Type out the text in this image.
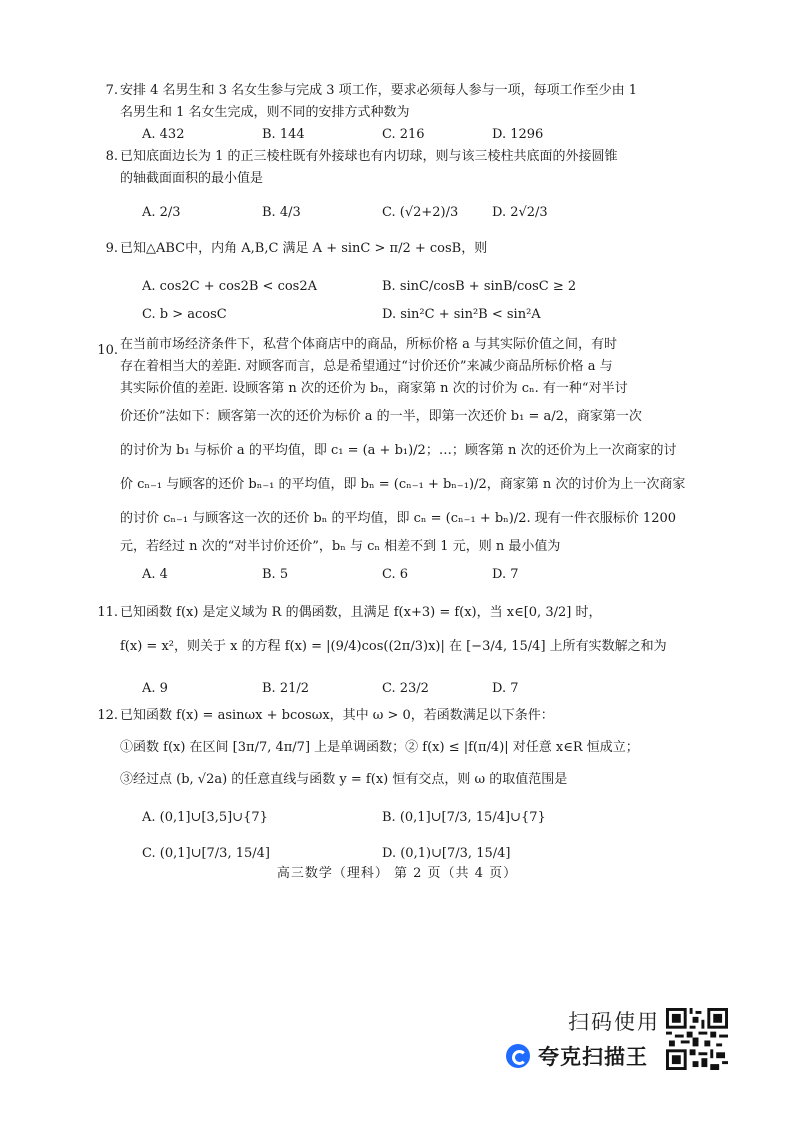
7. 安排 4 名男生和 3 名女生参与完成 3 项工作，要求必须每人参与一项，每项工作至少由 1
名男生和 1 名女生完成，则不同的安排方式种数为
A. 432	B. 144	C. 216	D. 1296
8. 已知底面边长为 1 的正三棱柱既有外接球也有内切球，则与该三棱柱共底面的外接圆锥
的轴截面面积的最小值是
A. 2/3	B. 4/3	C. (√2+2)/3	D. 2√2/3
9. 已知△ABC中，内角 A,B,C 满足 A + sinC > π/2 + cosB，则
A. cos2C + cos2B < cos2A	B. sinC/cosB + sinB/cosC ≥ 2
C. b > acosC	D. sin²C + sin²B < sin²A
10. 在当前市场经济条件下，私营个体商店中的商品，所标价格 a 与其实际价值之间，有时
存在着相当大的差距. 对顾客而言，总是希望通过“讨价还价”来减少商品所标价格 a 与
其实际价值的差距. 设顾客第 n 次的还价为 bₙ，商家第 n 次的讨价为 cₙ. 有一种“对半讨
价还价”法如下：顾客第一次的还价为标价 a 的一半，即第一次还价 b₁ = a/2，商家第一次
的讨价为 b₁ 与标价 a 的平均值，即 c₁ = (a + b₁)/2；…；顾客第 n 次的还价为上一次商家的讨
价 cₙ₋₁ 与顾客的还价 bₙ₋₁ 的平均值，即 bₙ = (cₙ₋₁ + bₙ₋₁)/2，商家第 n 次的讨价为上一次商家
的讨价 cₙ₋₁ 与顾客这一次的还价 bₙ 的平均值，即 cₙ = (cₙ₋₁ + bₙ)/2. 现有一件衣服标价 1200
元，若经过 n 次的“对半讨价还价”，bₙ 与 cₙ 相差不到 1 元，则 n 最小值为
A. 4	B. 5	C. 6	D. 7
11. 已知函数 f(x) 是定义域为 R 的偶函数，且满足 f(x+3) = f(x)，当 x∈[0, 3/2] 时，
f(x) = x²，则关于 x 的方程 f(x) = |(9/4)cos((2π/3)x)| 在 [−3/4, 15/4] 上所有实数解之和为
A. 9	B. 21/2	C. 23/2	D. 7
12. 已知函数 f(x) = asinωx + bcosωx，其中 ω > 0，若函数满足以下条件：
①函数 f(x) 在区间 [3π/7, 4π/7] 上是单调函数；② f(x) ≤ |f(π/4)| 对任意 x∈R 恒成立；
③经过点 (b, √2a) 的任意直线与函数 y = f(x) 恒有交点，则 ω 的取值范围是
A. (0,1]∪[3,5]∪{7}	B. (0,1]∪[7/3, 15/4]∪{7}
C. (0,1]∪[7/3, 15/4]	D. (0,1)∪[7/3, 15/4]
高三数学（理科） 第 2 页（共 4 页）
扫码使用
夸克扫描王
